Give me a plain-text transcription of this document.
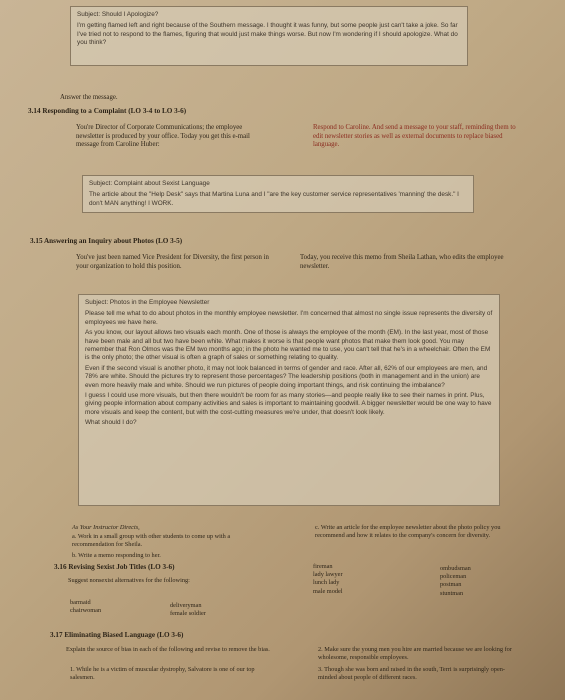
Subject: Should I Apologize?

I'm getting flamed left and right because of the Southern message. I thought it was funny, but some people just can't take a joke. So far I've tried not to respond to the flames, figuring that would just make things worse. But now I'm wondering if I should apologize. What do you think?

Answer the message.

3.14 Responding to a Complaint (LO 3-4 to LO 3-6)

You're Director of Corporate Communications; the employee newsletter is produced by your office. Today you get this e-mail message from Caroline Huber:

Respond to Caroline. And send a message to your staff, reminding them to edit newsletter stories as well as external documents to replace biased language.

Subject: Complaint about Sexist Language

The article about the "Help Desk" says that Martina Luna and I "are the key customer service representatives 'manning' the desk." I don't MAN anything! I WORK.

3.15 Answering an Inquiry about Photos (LO 3-5)

You've just been named Vice President for Diversity, the first person in your organization to hold this position.

Today, you receive this memo from Sheila Lathan, who edits the employee newsletter.

Subject: Photos in the Employee Newsletter

Please tell me what to do about photos in the monthly employee newsletter. I'm concerned that almost no single issue represents the diversity of employees we have here.

As you know, our layout allows two visuals each month. One of those is always the employee of the month (EM). In the last year, most of those have been male and all but two have been white. What makes it worse is that people want photos that make them look good. You may remember that Ron Olmos was the EM two months ago; in the photo he wanted me to use, you can't tell that he's in a wheelchair. Often the EM is the only photo; the other visual is often a graph of sales or something relating to quality.

Even if the second visual is another photo, it may not look balanced in terms of gender and race. After all, 62% of our employees are men, and 78% are white. Should the pictures try to represent those percentages? The leadership positions (both in management and in the union) are even more heavily male and white. Should we run pictures of people doing important things, and risk continuing the imbalance?

I guess I could use more visuals, but then there wouldn't be room for as many stories—and people really like to see their names in print. Plus, giving people information about company activities and sales is important to maintaining goodwill. A bigger newsletter would be one way to have more visuals and keep the content, but with the cost-cutting measures we're under, that doesn't look likely.

What should I do?

As Your Instructor Directs,

a. Work in a small group with other students to come up with a recommendation for Sheila.

b. Write a memo responding to her.

c. Write an article for the employee newsletter about the photo policy you recommend and how it relates to the company's concern for diversity.

3.16 Revising Sexist Job Titles (LO 3-6)

Suggest nonsexist alternatives for the following:

barmaid
chairwoman
deliveryman
female soldier
fireman
lady lawyer
lunch lady
male model
ombudsman
policeman
postman
stuntman

3.17 Eliminating Biased Language (LO 3-6)

Explain the source of bias in each of the following and revise to remove the bias.

1. While he is a victim of muscular dystrophy, Salvatore is one of our top salesmen.

2. Make sure the young men you hire are married because we are looking for wholesome, responsible employees.

3. Though she was born and raised in the south, Terri is surprisingly open-minded about people of different races.
